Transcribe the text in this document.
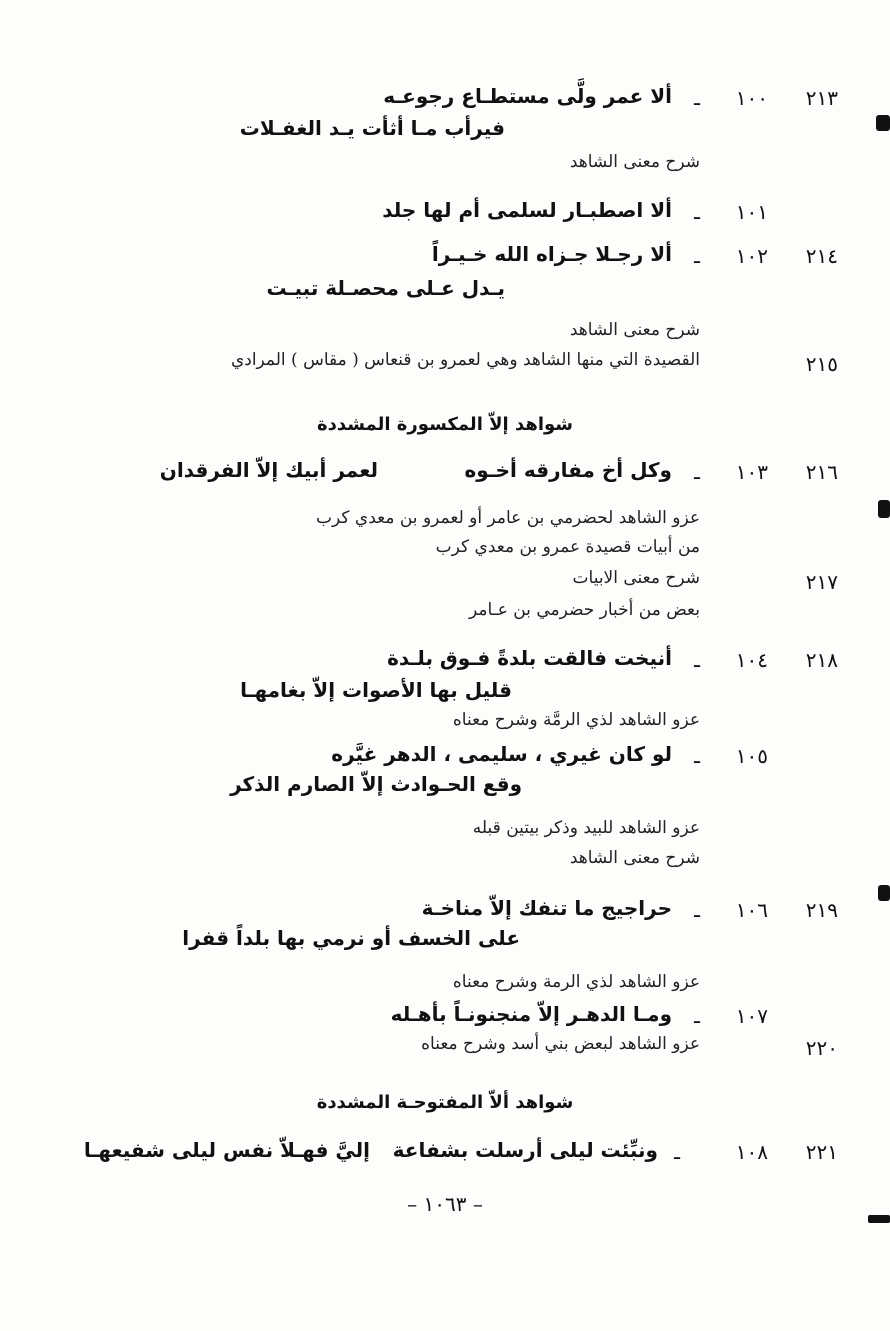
٢١٣
١٠٠
ـ
ألا عمر ولَّى مستطـاع رجوعـه
فيرأب مـا أثأت يـد الغفـلات
شرح معنى الشاهد
١٠١
ـ
ألا اصطبـار لسلمى أم لها جلد
٢١٤
١٠٢
ـ
ألا رجـلا جـزاه الله خـيـراً
يـدل عـلى محصـلة تبيـت
شرح معنى الشاهد
٢١٥
القصيدة التي منها الشاهد وهي لعمرو بن قنعاس ( مقاس ) المرادي
شواهد إلاّ المكسورة المشددة
٢١٦
١٠٣
ـ
وكل أخ مفارقه أخـوه
لعمر أبيك إلاّ الفرقدان
عزو الشاهد لحضرمي بن عامر أو لعمرو بن معدي كرب
من أبيات قصيدة عمرو بن معدي كرب
٢١٧
شرح معنى الابيات
بعض من أخبار حضرمي بن عـامر
٢١٨
١٠٤
ـ
أنيخت فالقت بلدةً فـوق بلـدة
قليل بها الأصوات إلاّ بغامهـا
عزو الشاهد لذي الرمَّة وشرح معناه
١٠٥
ـ
لو كان غيري ، سليمى ، الدهر غيَّره
وقع الحـوادث إلاّ الصارم الذكر
عزو الشاهد للبيد وذكر بيتين قبله
شرح معنى الشاهد
٢١٩
١٠٦
ـ
حراجيج ما تنفك إلاّ مناخـة
على الخسف أو نرمي بها بلداً قفرا
عزو الشاهد لذي الرمة وشرح معناه
١٠٧
ـ
ومـا الدهـر إلاّ منجنونـاً بأهـله
٢٢٠
عزو الشاهد لبعض بني أسد وشرح معناه
شواهد ألاّ المفتوحـة المشددة
٢٢١
١٠٨
ـ
ونبِّئت ليلى أرسلت بشفاعة
إليَّ فهـلاّ نفس ليلى شفيعهـا
– ١٠٦٣ –
